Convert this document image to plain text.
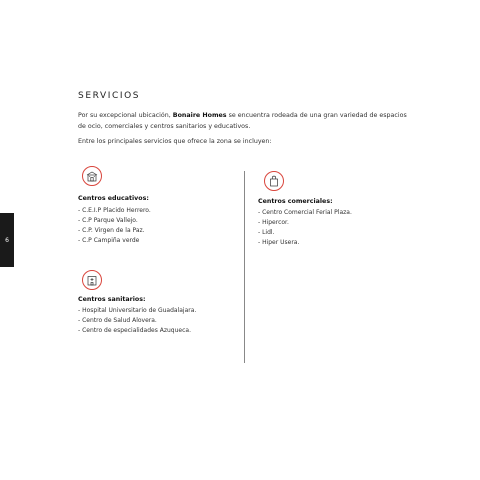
6
SERVICIOS

Por su excepcional ubicación, Bonaire Homes se encuentra rodeada de una gran variedad de espacios de ocio, comerciales y centros sanitarios y educativos.

Entre los principales servicios que ofrece la zona se incluyen:

Centros educativos:
- C.E.I.P Placido Herrero.
- C.P Parque Vallejo.
- C.P. Virgen de la Paz.
- C.P Campiña verde
Centros comerciales:
- Centro Comercial Ferial Plaza.
- Hipercor.
- Lidl.
- Hiper Usera.
Centros sanitarios:
- Hospital Universitario de Guadalajara.
- Centro de Salud Alovera.
- Centro de especialidades Azuqueca.
